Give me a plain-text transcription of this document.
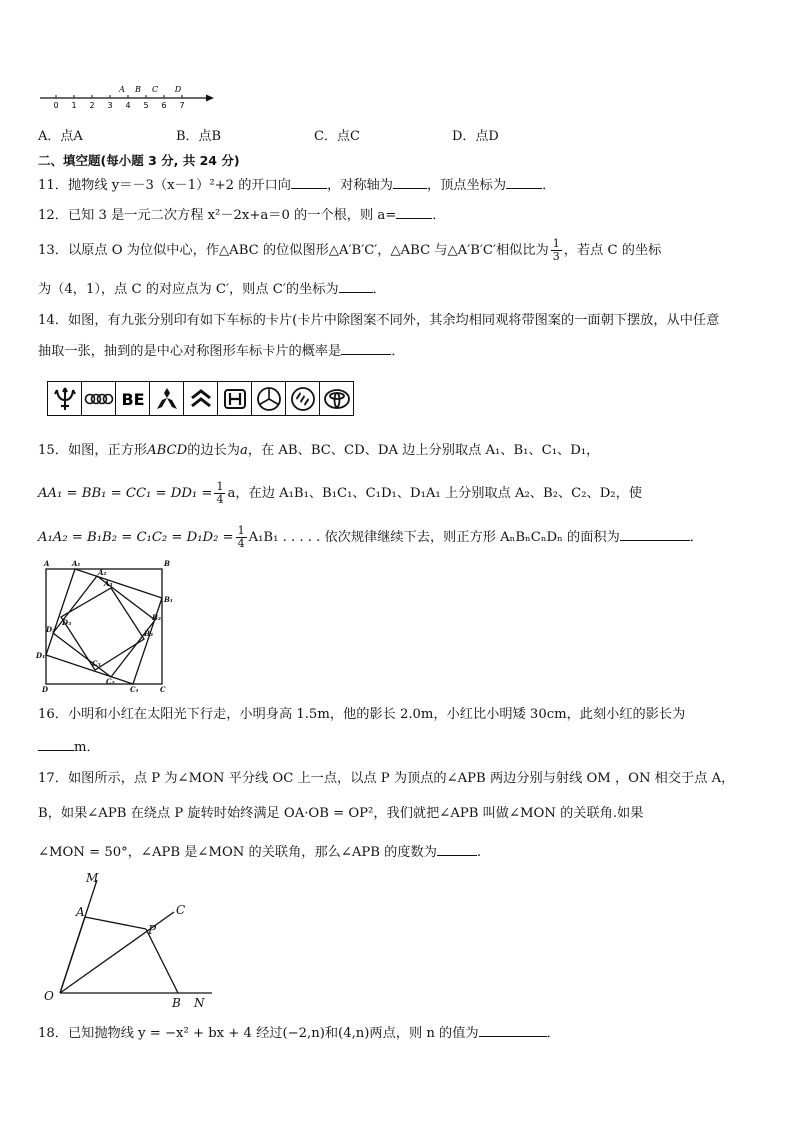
0 1 2 3 4 5 6 7
A B C D
A．点A	B．点B	C．点C	D．点D
二、填空题(每小题 3 分, 共 24 分)
11．抛物线 y＝－3（x－1）²+2 的开口向	，对称轴为	，顶点坐标为	．
12．已知 3 是一元二次方程 x²－2x+a＝0 的一个根，则 a=	．
13．以原点 O 为位似中心，作△ABC 的位似图形△A′B′C′，△ABC 与△A′B′C′相似比为 $\frac{1}{3}$ ，若点 C 的坐标
为（4，1），点 C 的对应点为 C′，则点 C′的坐标为	．
14．如图，有九张分别印有如下车标的卡片(卡片中除图案不同外，其余均相同观将带图案的一面朝下摆放，从中任意
抽取一张，抽到的是中心对称图形车标卡片的概率是	．
BE
15．如图，正方形ABCD的边长为a，在 AB、BC、CD、DA 边上分别取点 A₁、B₁、C₁、D₁，
$AA_1 = BB_1 = CC_1 = DD_1 = \frac{1}{4}$ a，在边 A₁B₁、B₁C₁、C₁D₁、D₁A₁ 上分别取点 A₂、B₂、C₂、D₂，使
$A_1A_2 = B_1B_2 = C_1C_2 = D_1D_2 = \frac{1}{4} A_1B_1$ . . . . . 依次规律继续下去，则正方形 AₙBₙCₙDₙ 的面积为	．
A	A₁
A₂
A₃
B
B₁
B₂
B₃
C
C₁
C₂
C₃
D
D₁
D₂
D₃
16．小明和小红在太阳光下行走，小明身高 1.5m，他的影长 2.0m，小红比小明矮 30cm，此刻小红的影长为
m．
17．如图所示，点 P 为∠MON 平分线 OC 上一点，以点 P 为顶点的∠APB 两边分别与射线 OM ，ON 相交于点 A，
B，如果∠APB 在绕点 P 旋转时始终满足 OA·OB = OP²，我们就把∠APB 叫做∠MON 的关联角.如果
∠MON = 50°，∠APB 是∠MON 的关联角，那么∠APB 的度数为	.
M
A	C
P
O	B N
18．已知抛物线 y = −x² + bx + 4 经过(−2,n)和(4,n)两点，则 n 的值为	．
